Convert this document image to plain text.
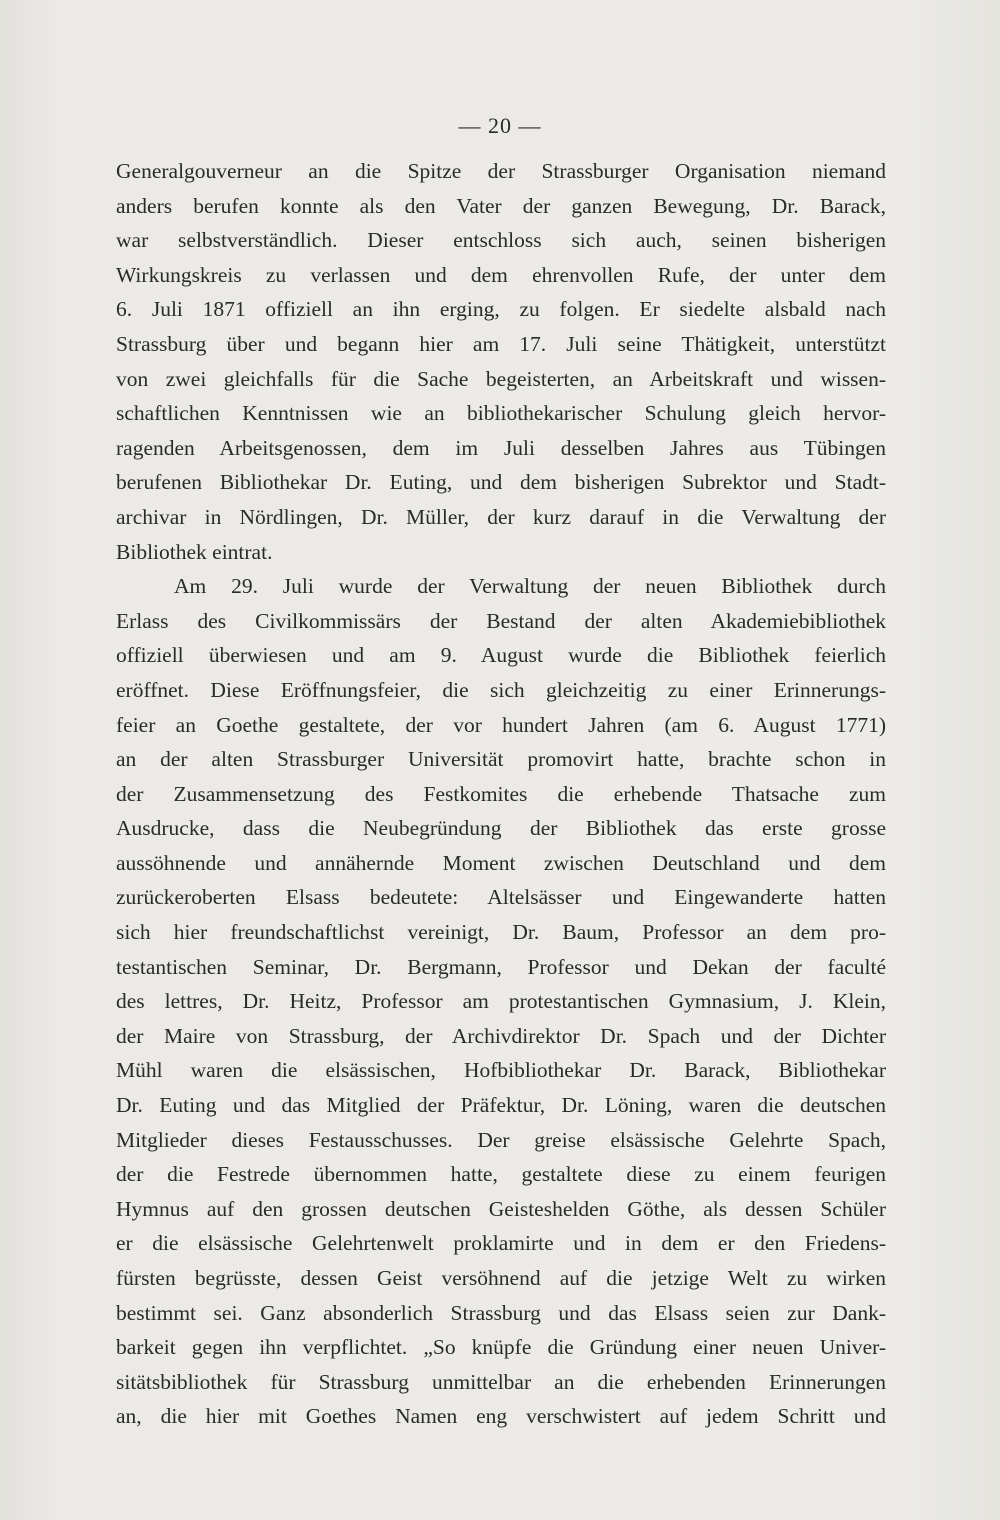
— 20 —
Generalgouverneur an die Spitze der Strassburger Organisation niemand
anders berufen konnte als den Vater der ganzen Bewegung, Dr. Barack,
war selbstverständlich. Dieser entschloss sich auch, seinen bisherigen
Wirkungskreis zu verlassen und dem ehrenvollen Rufe, der unter dem
6. Juli 1871 offiziell an ihn erging, zu folgen. Er siedelte alsbald nach
Strassburg über und begann hier am 17. Juli seine Thätigkeit, unterstützt
von zwei gleichfalls für die Sache begeisterten, an Arbeitskraft und wissen-
schaftlichen Kenntnissen wie an bibliothekarischer Schulung gleich hervor-
ragenden Arbeitsgenossen, dem im Juli desselben Jahres aus Tübingen
berufenen Bibliothekar Dr. Euting, und dem bisherigen Subrektor und Stadt-
archivar in Nördlingen, Dr. Müller, der kurz darauf in die Verwaltung der
Bibliothek eintrat.
Am 29. Juli wurde der Verwaltung der neuen Bibliothek durch
Erlass des Civilkommissärs der Bestand der alten Akademiebibliothek
offiziell überwiesen und am 9. August wurde die Bibliothek feierlich
eröffnet. Diese Eröffnungsfeier, die sich gleichzeitig zu einer Erinnerungs-
feier an Goethe gestaltete, der vor hundert Jahren (am 6. August 1771)
an der alten Strassburger Universität promovirt hatte, brachte schon in
der Zusammensetzung des Festkomites die erhebende Thatsache zum
Ausdrucke, dass die Neubegründung der Bibliothek das erste grosse
aussöhnende und annähernde Moment zwischen Deutschland und dem
zurückeroberten Elsass bedeutete: Altelsässer und Eingewanderte hatten
sich hier freundschaftlichst vereinigt, Dr. Baum, Professor an dem pro-
testantischen Seminar, Dr. Bergmann, Professor und Dekan der faculté
des lettres, Dr. Heitz, Professor am protestantischen Gymnasium, J. Klein,
der Maire von Strassburg, der Archivdirektor Dr. Spach und der Dichter
Mühl waren die elsässischen, Hofbibliothekar Dr. Barack, Bibliothekar
Dr. Euting und das Mitglied der Präfektur, Dr. Löning, waren die deutschen
Mitglieder dieses Festausschusses. Der greise elsässische Gelehrte Spach,
der die Festrede übernommen hatte, gestaltete diese zu einem feurigen
Hymnus auf den grossen deutschen Geisteshelden Göthe, als dessen Schüler
er die elsässische Gelehrtenwelt proklamirte und in dem er den Friedens-
fürsten begrüsste, dessen Geist versöhnend auf die jetzige Welt zu wirken
bestimmt sei. Ganz absonderlich Strassburg und das Elsass seien zur Dank-
barkeit gegen ihn verpflichtet. „So knüpfe die Gründung einer neuen Univer-
sitätsbibliothek für Strassburg unmittelbar an die erhebenden Erinnerungen
an, die hier mit Goethes Namen eng verschwistert auf jedem Schritt und
